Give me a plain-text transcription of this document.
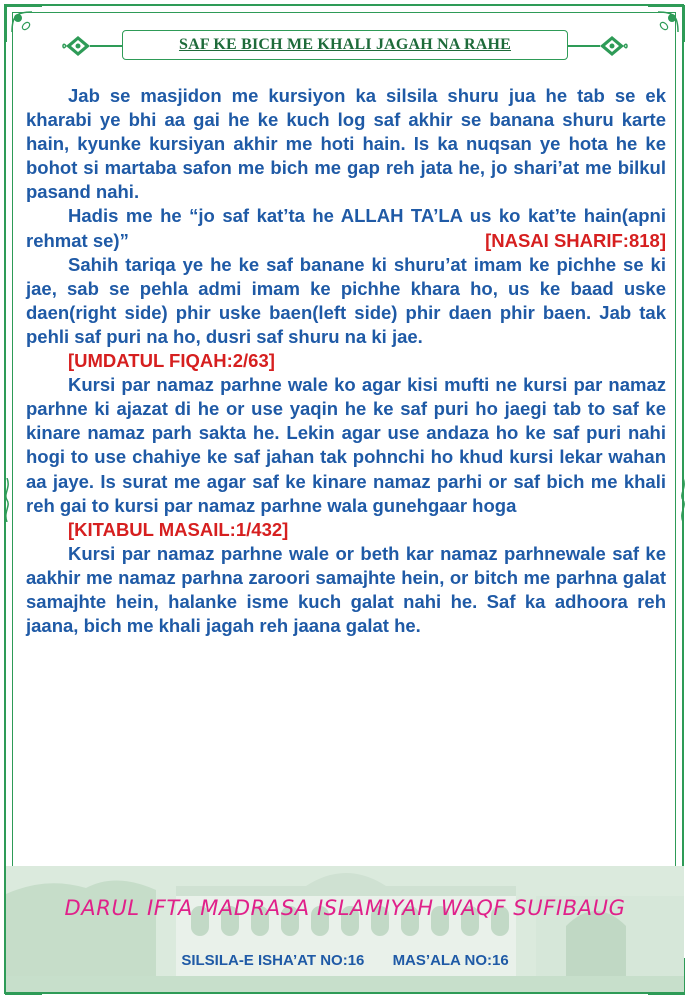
SAF KE BICH ME KHALI JAGAH NA RAHE

Jab se masjidon me kursiyon ka silsila shuru jua he tab se ek kharabi ye bhi aa gai he ke kuch log saf akhir se banana shuru karte hain, kyunke kursiyan akhir me hoti hain. Is ka nuqsan ye hota he ke bohot si martaba safon me bich me gap reh jata he, jo shari’at me bilkul pasand nahi.

Hadis me he “jo saf kat’ta he ALLAH TA’LA us ko kat’te hain(apni rehmat se)”	[NASAI SHARIF:818]

Sahih tariqa ye he ke saf banane ki shuru’at imam ke pichhe se ki jae, sab se pehla admi imam ke pichhe khara ho, us ke baad uske daen(right side) phir uske baen(left side) phir daen phir baen. Jab tak pehli saf puri na ho, dusri saf shuru na ki jae.

[UMDATUL FIQAH:2/63]

Kursi par namaz parhne wale ko agar kisi mufti ne kursi par namaz parhne ki ajazat di he or use yaqin he ke saf puri ho jaegi tab to saf ke kinare namaz parh sakta he. Lekin agar use andaza ho ke saf puri nahi hogi to use chahiye ke saf jahan tak pohnchi ho khud kursi lekar wahan aa jaye. Is surat me agar saf ke kinare namaz parhi or saf bich me khali reh gai to kursi par namaz parhne wala gunehgaar hoga

[KITABUL MASAIL:1/432]

Kursi par namaz parhne wale or beth kar namaz parhnewale saf ke aakhir me namaz parhna zaroori samajhte hein, or bitch me parhna galat samajhte hein, halanke isme kuch galat nahi he. Saf ka adhoora reh jaana, bich me khali jagah reh jaana galat he.

DARUL IFTA MADRASA ISLAMIYAH WAQF SUFIBAUG
SILSILA-E ISHA’AT NO:16 MAS’ALA NO:16
